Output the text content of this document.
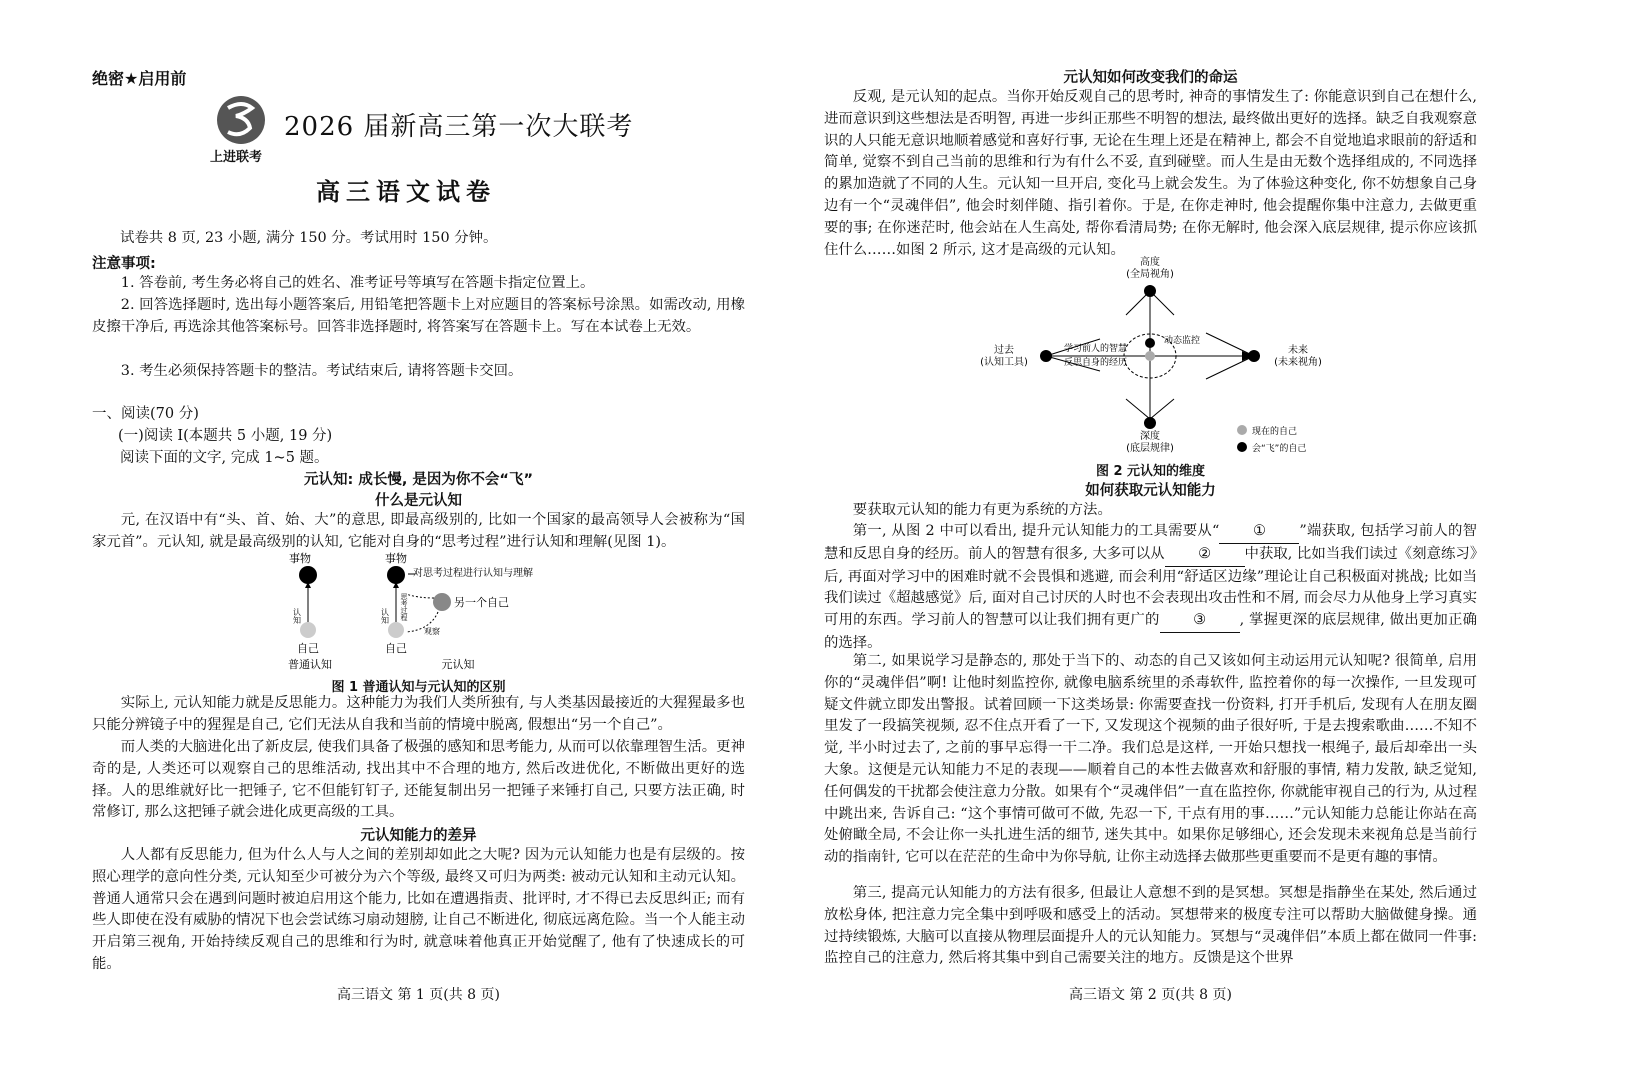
绝密★启用前
上进联考
2026 届新高三第一次大联考
高三语文试卷

试卷共 8 页, 23 小题, 满分 150 分。考试用时 150 分钟。

注意事项:

1. 答卷前, 考生务必将自己的姓名、准考证号等填写在答题卡指定位置上。

2. 回答选择题时, 选出每小题答案后, 用铅笔把答题卡上对应题目的答案标号涂黑。如需改动, 用橡皮擦干净后, 再选涂其他答案标号。回答非选择题时, 将答案写在答题卡上。写在本试卷上无效。

3. 考生必须保持答题卡的整洁。考试结束后, 请将答题卡交回。

一、阅读(70 分)
(一)阅读 I(本题共 5 小题, 19 分)
阅读下面的文字, 完成 1~5 题。
元认知: 成长慢, 是因为你不会“飞”
什么是元认知

元, 在汉语中有“头、首、始、大”的意思, 即最高级别的, 比如一个国家的最高领导人会被称为“国家元首”。元认知, 就是最高级别的认知, 它能对自身的“思考过程”进行认知和理解(见图 1)。

事物
认知
自己
普通认知
事物
认知 思考过程
自己
对思考过程进行认知与理解
另一个自己
观察
元认知
图 1 普通认知与元认知的区别

实际上, 元认知能力就是反思能力。这种能力为我们人类所独有, 与人类基因最接近的大猩猩最多也只能分辨镜子中的猩猩是自己, 它们无法从自我和当前的情境中脱离, 假想出“另一个自己”。

而人类的大脑进化出了新皮层, 使我们具备了极强的感知和思考能力, 从而可以依靠理智生活。更神奇的是, 人类还可以观察自己的思维活动, 找出其中不合理的地方, 然后改进优化, 不断做出更好的选择。人的思维就好比一把锤子, 它不但能钉钉子, 还能复制出另一把锤子来锤打自己, 只要方法正确, 时常修订, 那么这把锤子就会进化成更高级的工具。

元认知能力的差异

人人都有反思能力, 但为什么人与人之间的差别却如此之大呢? 因为元认知能力也是有层级的。按照心理学的意向性分类, 元认知至少可被分为六个等级, 最终又可归为两类: 被动元认知和主动元认知。普通人通常只会在遇到问题时被迫启用这个能力, 比如在遭遇指责、批评时, 才不得已去反思纠正; 而有些人即使在没有威胁的情况下也会尝试练习扇动翅膀, 让自己不断进化, 彻底远离危险。当一个人能主动开启第三视角, 开始持续反观自己的思维和行为时, 就意味着他真正开始觉醒了, 他有了快速成长的可能。

高三语文 第 1 页(共 8 页)
元认知如何改变我们的命运

反观, 是元认知的起点。当你开始反观自己的思考时, 神奇的事情发生了: 你能意识到自己在想什么, 进而意识到这些想法是否明智, 再进一步纠正那些不明智的想法, 最终做出更好的选择。缺乏自我观察意识的人只能无意识地顺着感觉和喜好行事, 无论在生理上还是在精神上, 都会不自觉地追求眼前的舒适和简单, 觉察不到自己当前的思维和行为有什么不妥, 直到碰壁。而人生是由无数个选择组成的, 不同选择的累加造就了不同的人生。元认知一旦开启, 变化马上就会发生。为了体验这种变化, 你不妨想象自己身边有一个“灵魂伴侣”, 他会时刻伴随、指引着你。于是, 在你走神时, 他会提醒你集中注意力, 去做更重要的事; 在你迷茫时, 他会站在人生高处, 帮你看清局势; 在你无解时, 他会深入底层规律, 提示你应该抓住什么……如图 2 所示, 这才是高级的元认知。

高度
(全局视角)
过去
(认知工具)
未来
(未来视角)
学习前人的智慧
反思自身的经历
动态监控
深度
(底层规律)
现在的自己
会“飞”的自己
图 2 元认知的维度
如何获取元认知能力

要获取元认知的能力有更为系统的方法。

第一, 从图 2 中可以看出, 提升元认知能力的工具需要从“ ① ”端获取, 包括学习前人的智慧和反思自身的经历。前人的智慧有很多, 大多可以从 ② 中获取, 比如当我们读过《刻意练习》后, 再面对学习中的困难时就不会畏惧和逃避, 而会利用“舒适区边缘”理论让自己积极面对挑战; 比如当我们读过《超越感觉》后, 面对自己讨厌的人时也不会表现出攻击性和不屑, 而会尽力从他身上学习真实可用的东西。学习前人的智慧可以让我们拥有更广的 ③ , 掌握更深的底层规律, 做出更加正确的选择。

第二, 如果说学习是静态的, 那处于当下的、动态的自己又该如何主动运用元认知呢? 很简单, 启用你的“灵魂伴侣”啊! 让他时刻监控你, 就像电脑系统里的杀毒软件, 监控着你的每一次操作, 一旦发现可疑文件就立即发出警报。试着回顾一下这类场景: 你需要查找一份资料, 打开手机后, 发现有人在朋友圈里发了一段搞笑视频, 忍不住点开看了一下, 又发现这个视频的曲子很好听, 于是去搜索歌曲……不知不觉, 半小时过去了, 之前的事早忘得一干二净。我们总是这样, 一开始只想找一根绳子, 最后却牵出一头大象。这便是元认知能力不足的表现——顺着自己的本性去做喜欢和舒服的事情, 精力发散, 缺乏觉知, 任何偶发的干扰都会使注意力分散。如果有个“灵魂伴侣”一直在监控你, 你就能审视自己的行为, 从过程中跳出来, 告诉自己: “这个事情可做可不做, 先忍一下, 干点有用的事……”元认知能力总能让你站在高处俯瞰全局, 不会让你一头扎进生活的细节, 迷失其中。如果你足够细心, 还会发现未来视角总是当前行动的指南针, 它可以在茫茫的生命中为你导航, 让你主动选择去做那些更重要而不是更有趣的事情。

第三, 提高元认知能力的方法有很多, 但最让人意想不到的是冥想。冥想是指静坐在某处, 然后通过放松身体, 把注意力完全集中到呼吸和感受上的活动。冥想带来的极度专注可以帮助大脑做健身操。通过持续锻炼, 大脑可以直接从物理层面提升人的元认知能力。冥想与“灵魂伴侣”本质上都在做同一件事: 监控自己的注意力, 然后将其集中到自己需要关注的地方。反馈是这个世界

高三语文 第 2 页(共 8 页)
